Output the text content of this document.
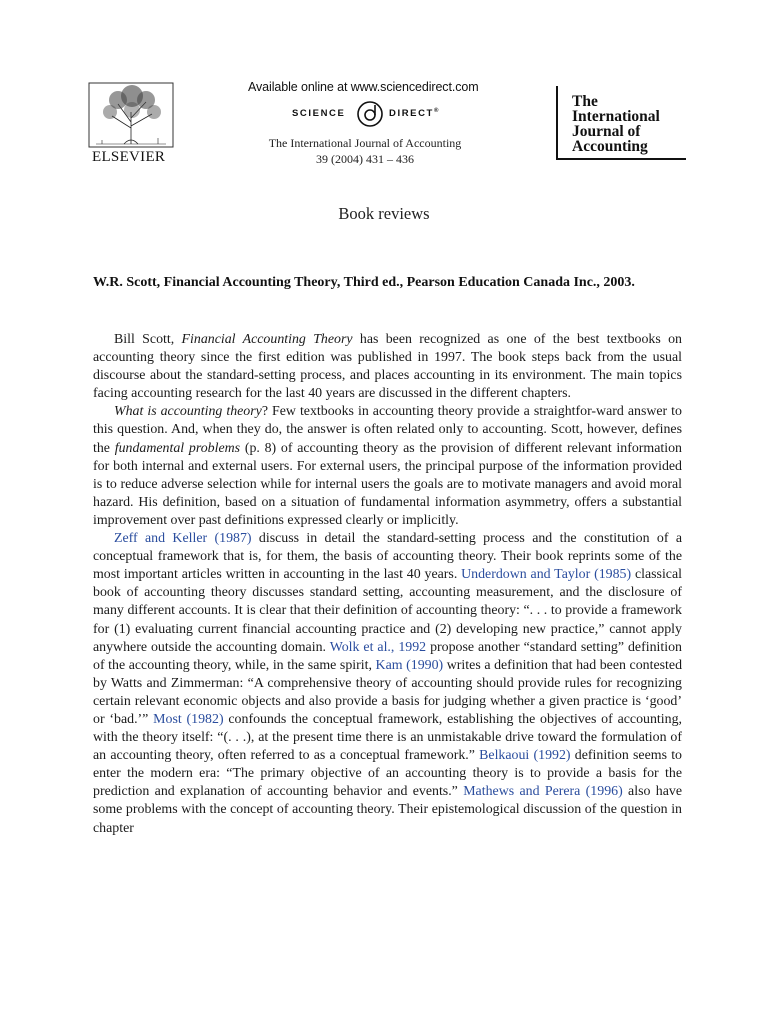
ELSEVIER
Available online at www.sciencedirect.com
SCIENCE	DIRECT®
The International Journal of Accounting
39 (2004) 431 – 436
The
International
Journal of
Accounting
Book reviews
W.R. Scott, Financial Accounting Theory, Third ed., Pearson Education Canada Inc., 2003.

Bill Scott, Financial Accounting Theory has been recognized as one of the best textbooks on accounting theory since the first edition was published in 1997. The book steps back from the usual discourse about the standard-setting process, and places accounting in its environment. The main topics facing accounting research for the last 40 years are discussed in the different chapters.

What is accounting theory? Few textbooks in accounting theory provide a straightfor-ward answer to this question. And, when they do, the answer is often related only to accounting. Scott, however, defines the fundamental problems (p. 8) of accounting theory as the provision of different relevant information for both internal and external users. For external users, the principal purpose of the information provided is to reduce adverse selection while for internal users the goals are to motivate managers and avoid moral hazard. His definition, based on a situation of fundamental information asymmetry, offers a substantial improvement over past definitions expressed clearly or implicitly.

Zeff and Keller (1987) discuss in detail the standard-setting process and the constitution of a conceptual framework that is, for them, the basis of accounting theory. Their book reprints some of the most important articles written in accounting in the last 40 years. Underdown and Taylor (1985) classical book of accounting theory discusses standard setting, accounting measurement, and the disclosure of many different accounts. It is clear that their definition of accounting theory: “. . . to provide a framework for (1) evaluating current financial accounting practice and (2) developing new practice,” cannot apply anywhere outside the accounting domain. Wolk et al., 1992 propose another “standard setting” definition of the accounting theory, while, in the same spirit, Kam (1990) writes a definition that had been contested by Watts and Zimmerman: “A comprehensive theory of accounting should provide rules for recognizing certain relevant economic objects and also provide a basis for judging whether a given practice is ‘good’ or ‘bad.’” Most (1982) confounds the conceptual framework, establishing the objectives of accounting, with the theory itself: “(. . .), at the present time there is an unmistakable drive toward the formulation of an accounting theory, often referred to as a conceptual framework.” Belkaoui (1992) definition seems to enter the modern era: “The primary objective of an accounting theory is to provide a basis for the prediction and explanation of accounting behavior and events.” Mathews and Perera (1996) also have some problems with the concept of accounting theory. Their epistemological discussion of the question in chapter
